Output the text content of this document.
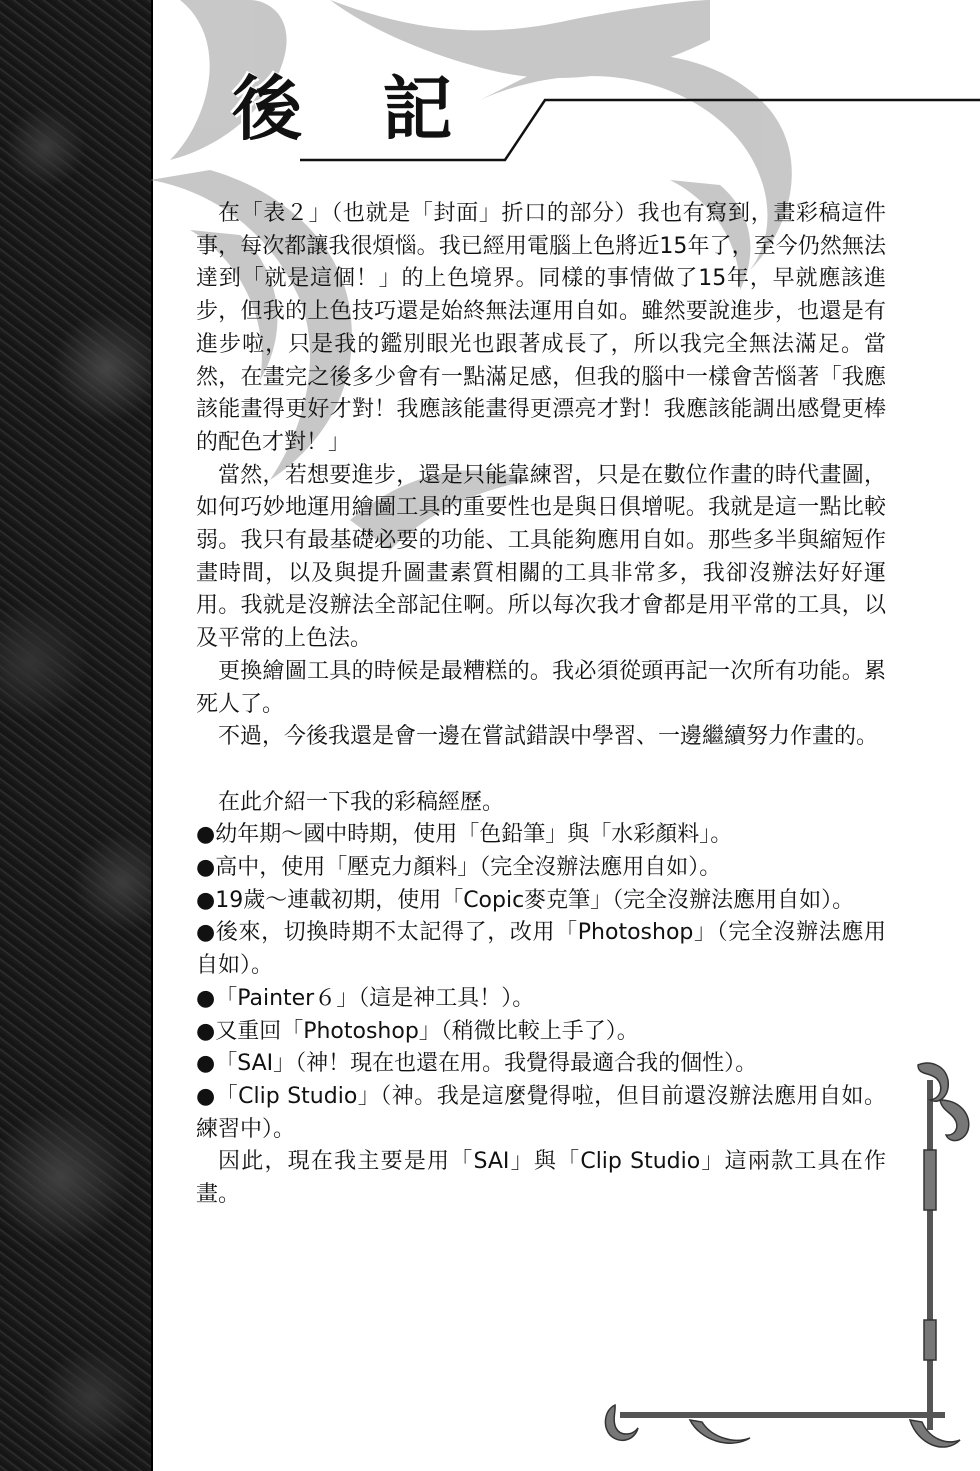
後 記

在「表２」（也就是「封面」折口的部分）我也有寫到，畫彩稿這件事，每次都讓我很煩惱。我已經用電腦上色將近15年了，至今仍然無法達到「就是這個！」的上色境界。同樣的事情做了15年，早就應該進步，但我的上色技巧還是始終無法運用自如。雖然要說進步，也還是有進步啦，只是我的鑑別眼光也跟著成長了，所以我完全無法滿足。當然，在畫完之後多少會有一點滿足感，但我的腦中一樣會苦惱著「我應該能畫得更好才對！我應該能畫得更漂亮才對！我應該能調出感覺更棒的配色才對！」

當然，若想要進步，還是只能靠練習，只是在數位作畫的時代畫圖，如何巧妙地運用繪圖工具的重要性也是與日俱增呢。我就是這一點比較弱。我只有最基礎必要的功能、工具能夠應用自如。那些多半與縮短作畫時間，以及與提升圖畫素質相關的工具非常多，我卻沒辦法好好運用。我就是沒辦法全部記住啊。所以每次我才會都是用平常的工具，以及平常的上色法。

更換繪圖工具的時候是最糟糕的。我必須從頭再記一次所有功能。累死人了。

不過，今後我還是會一邊在嘗試錯誤中學習、一邊繼續努力作畫的。

在此介紹一下我的彩稿經歷。

●幼年期～國中時期，使用「色鉛筆」與「水彩顏料」。

●高中，使用「壓克力顏料」（完全沒辦法應用自如）。

●19歲～連載初期，使用「Copic麥克筆」（完全沒辦法應用自如）。

●後來，切換時期不太記得了，改用「Photoshop」（完全沒辦法應用自如）。

●「Painter６」（這是神工具！）。

●又重回「Photoshop」（稍微比較上手了）。

●「SAI」（神！現在也還在用。我覺得最適合我的個性）。

●「Clip Studio」（神。我是這麼覺得啦，但目前還沒辦法應用自如。練習中）。

因此，現在我主要是用「SAI」與「Clip Studio」這兩款工具在作畫。
